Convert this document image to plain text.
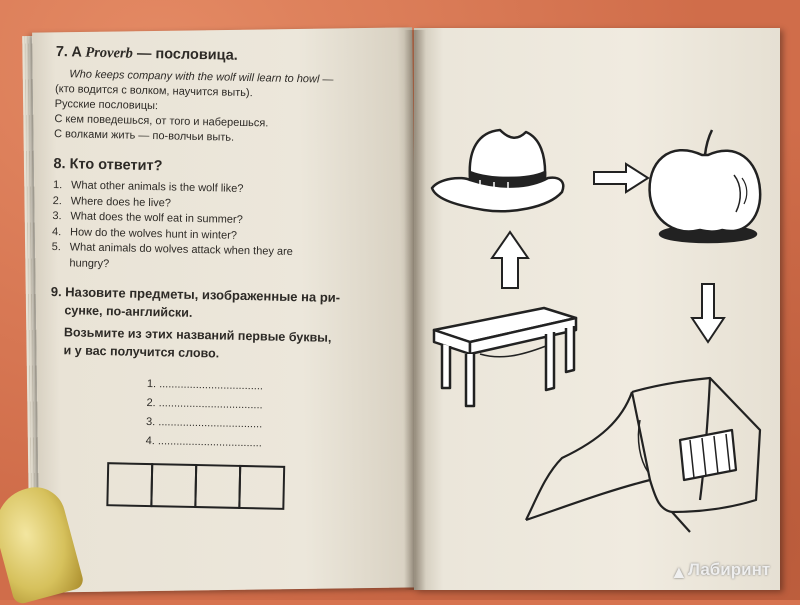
7. A Proverb — пословица.

Who keeps company with the wolf will learn to howl —

(кто водится с волком, научится выть).

Русские пословицы:

С кем поведешься, от того и наберешься.

С волками жить — по-волчьи выть.

8. Кто ответит?

1. What other animals is the wolf like?
2. Where does he live?
3. What does the wolf eat in summer?
4. How do the wolves hunt in winter?
5. What animals do wolves attack when they are
hungry?

9. Назовите предметы, изображенные на ри-

сунке, по-английски.

Возьмите из этих названий первые буквы,

и у вас получится слово.

1. ..................................
2. ..................................
3. ..................................
4. ..................................
▲ Лабиринт
